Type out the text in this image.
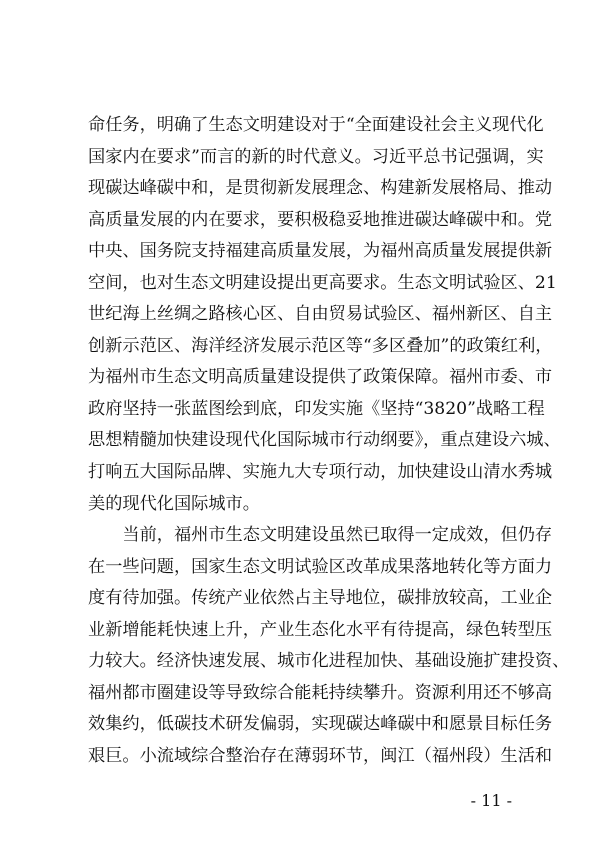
命任务，明确了生态文明建设对于“全面建设社会主义现代化
国家内在要求”而言的新的时代意义。习近平总书记强调，实
现碳达峰碳中和，是贯彻新发展理念、构建新发展格局、推动
高质量发展的内在要求，要积极稳妥地推进碳达峰碳中和。党
中央、国务院支持福建高质量发展，为福州高质量发展提供新
空间，也对生态文明建设提出更高要求。生态文明试验区、21
世纪海上丝绸之路核心区、自由贸易试验区、福州新区、自主
创新示范区、海洋经济发展示范区等“多区叠加”的政策红利，
为福州市生态文明高质量建设提供了政策保障。福州市委、市
政府坚持一张蓝图绘到底，印发实施《坚持“3820”战略工程
思想精髓加快建设现代化国际城市行动纲要》，重点建设六城、
打响五大国际品牌、实施九大专项行动，加快建设山清水秀城
美的现代化国际城市。
　　当前，福州市生态文明建设虽然已取得一定成效，但仍存
在一些问题，国家生态文明试验区改革成果落地转化等方面力
度有待加强。传统产业依然占主导地位，碳排放较高，工业企
业新增能耗快速上升，产业生态化水平有待提高，绿色转型压
力较大。经济快速发展、城市化进程加快、基础设施扩建投资、
福州都市圈建设等导致综合能耗持续攀升。资源利用还不够高
效集约，低碳技术研发偏弱，实现碳达峰碳中和愿景目标任务
艰巨。小流域综合整治存在薄弱环节，闽江（福州段）生活和
- 11 -
